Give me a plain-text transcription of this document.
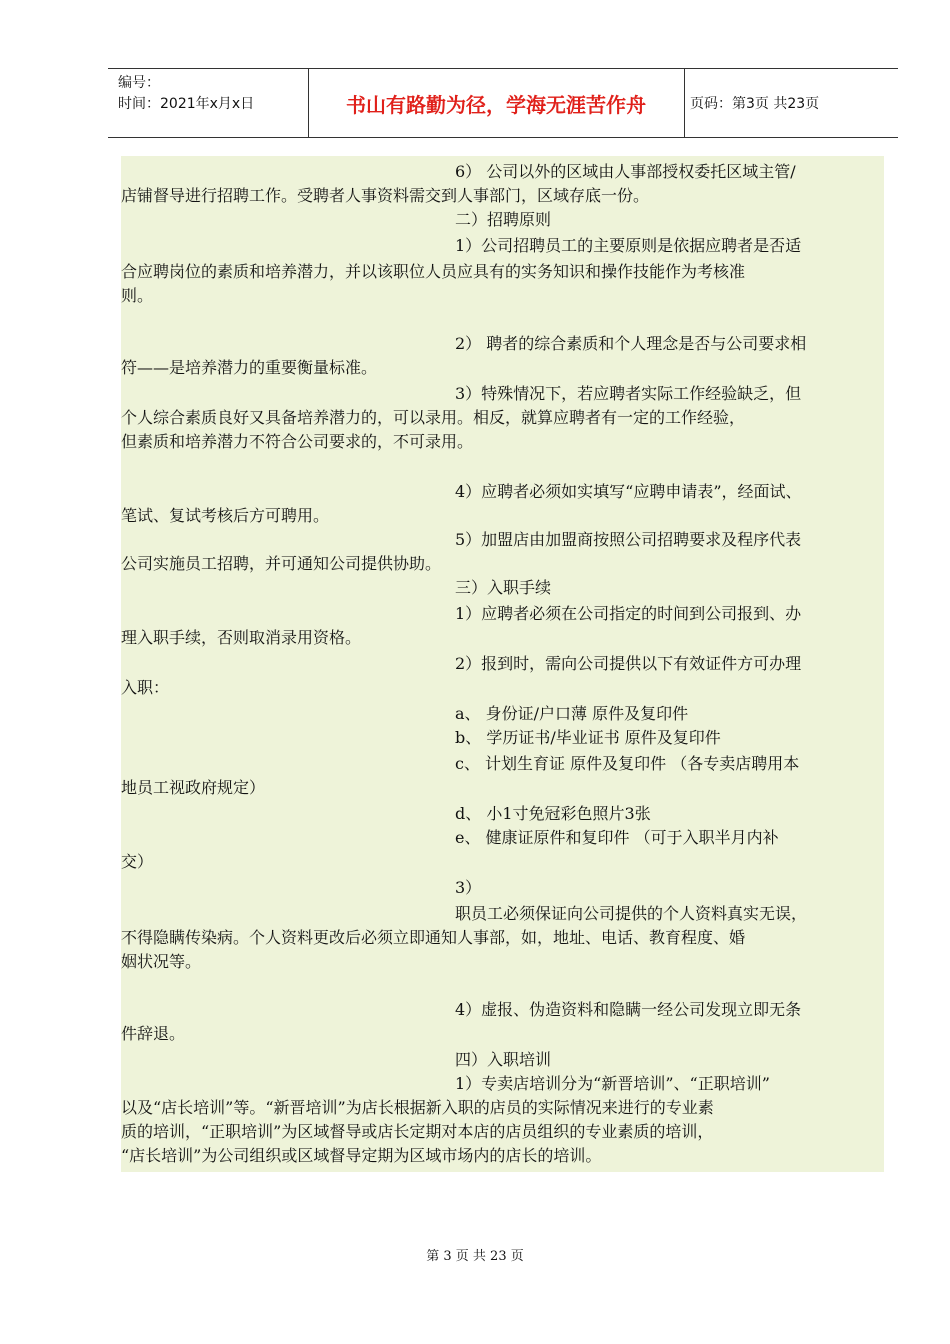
编号：
时间：2021年x月x日	书山有路勤为径，学海无涯苦作舟	页码：第3页 共23页
6） 公司以外的区域由人事部授权委托区域主管/
店铺督导进行招聘工作。受聘者人事资料需交到人事部门，区域存底一份。
二）招聘原则
1）公司招聘员工的主要原则是依据应聘者是否适
合应聘岗位的素质和培养潜力，并以该职位人员应具有的实务知识和操作技能作为考核准
则。
2） 聘者的综合素质和个人理念是否与公司要求相
符——是培养潜力的重要衡量标准。
3）特殊情况下，若应聘者实际工作经验缺乏，但
个人综合素质良好又具备培养潜力的，可以录用。相反，就算应聘者有一定的工作经验，
但素质和培养潜力不符合公司要求的，不可录用。
4）应聘者必须如实填写“应聘申请表”，经面试、
笔试、复试考核后方可聘用。
5）加盟店由加盟商按照公司招聘要求及程序代表
公司实施员工招聘，并可通知公司提供协助。
三）入职手续
1）应聘者必须在公司指定的时间到公司报到、办
理入职手续，否则取消录用资格。
2）报到时，需向公司提供以下有效证件方可办理
入职：
a、 身份证/户口薄 原件及复印件
b、 学历证书/毕业证书 原件及复印件
c、 计划生育证 原件及复印件 （各专卖店聘用本
地员工视政府规定）
d、 小1寸免冠彩色照片3张
e、 健康证原件和复印件 （可于入职半月内补
交）
3）
职员工必须保证向公司提供的个人资料真实无误，
不得隐瞒传染病。个人资料更改后必须立即通知人事部，如，地址、电话、教育程度、婚
姻状况等。
4）虚报、伪造资料和隐瞒一经公司发现立即无条
件辞退。
四）入职培训
1）专卖店培训分为“新晋培训”、“正职培训”
以及“店长培训”等。“新晋培训”为店长根据新入职的店员的实际情况来进行的专业素
质的培训，“正职培训”为区域督导或店长定期对本店的店员组织的专业素质的培训，
“店长培训”为公司组织或区域督导定期为区域市场内的店长的培训。
第 3 页 共 23 页
